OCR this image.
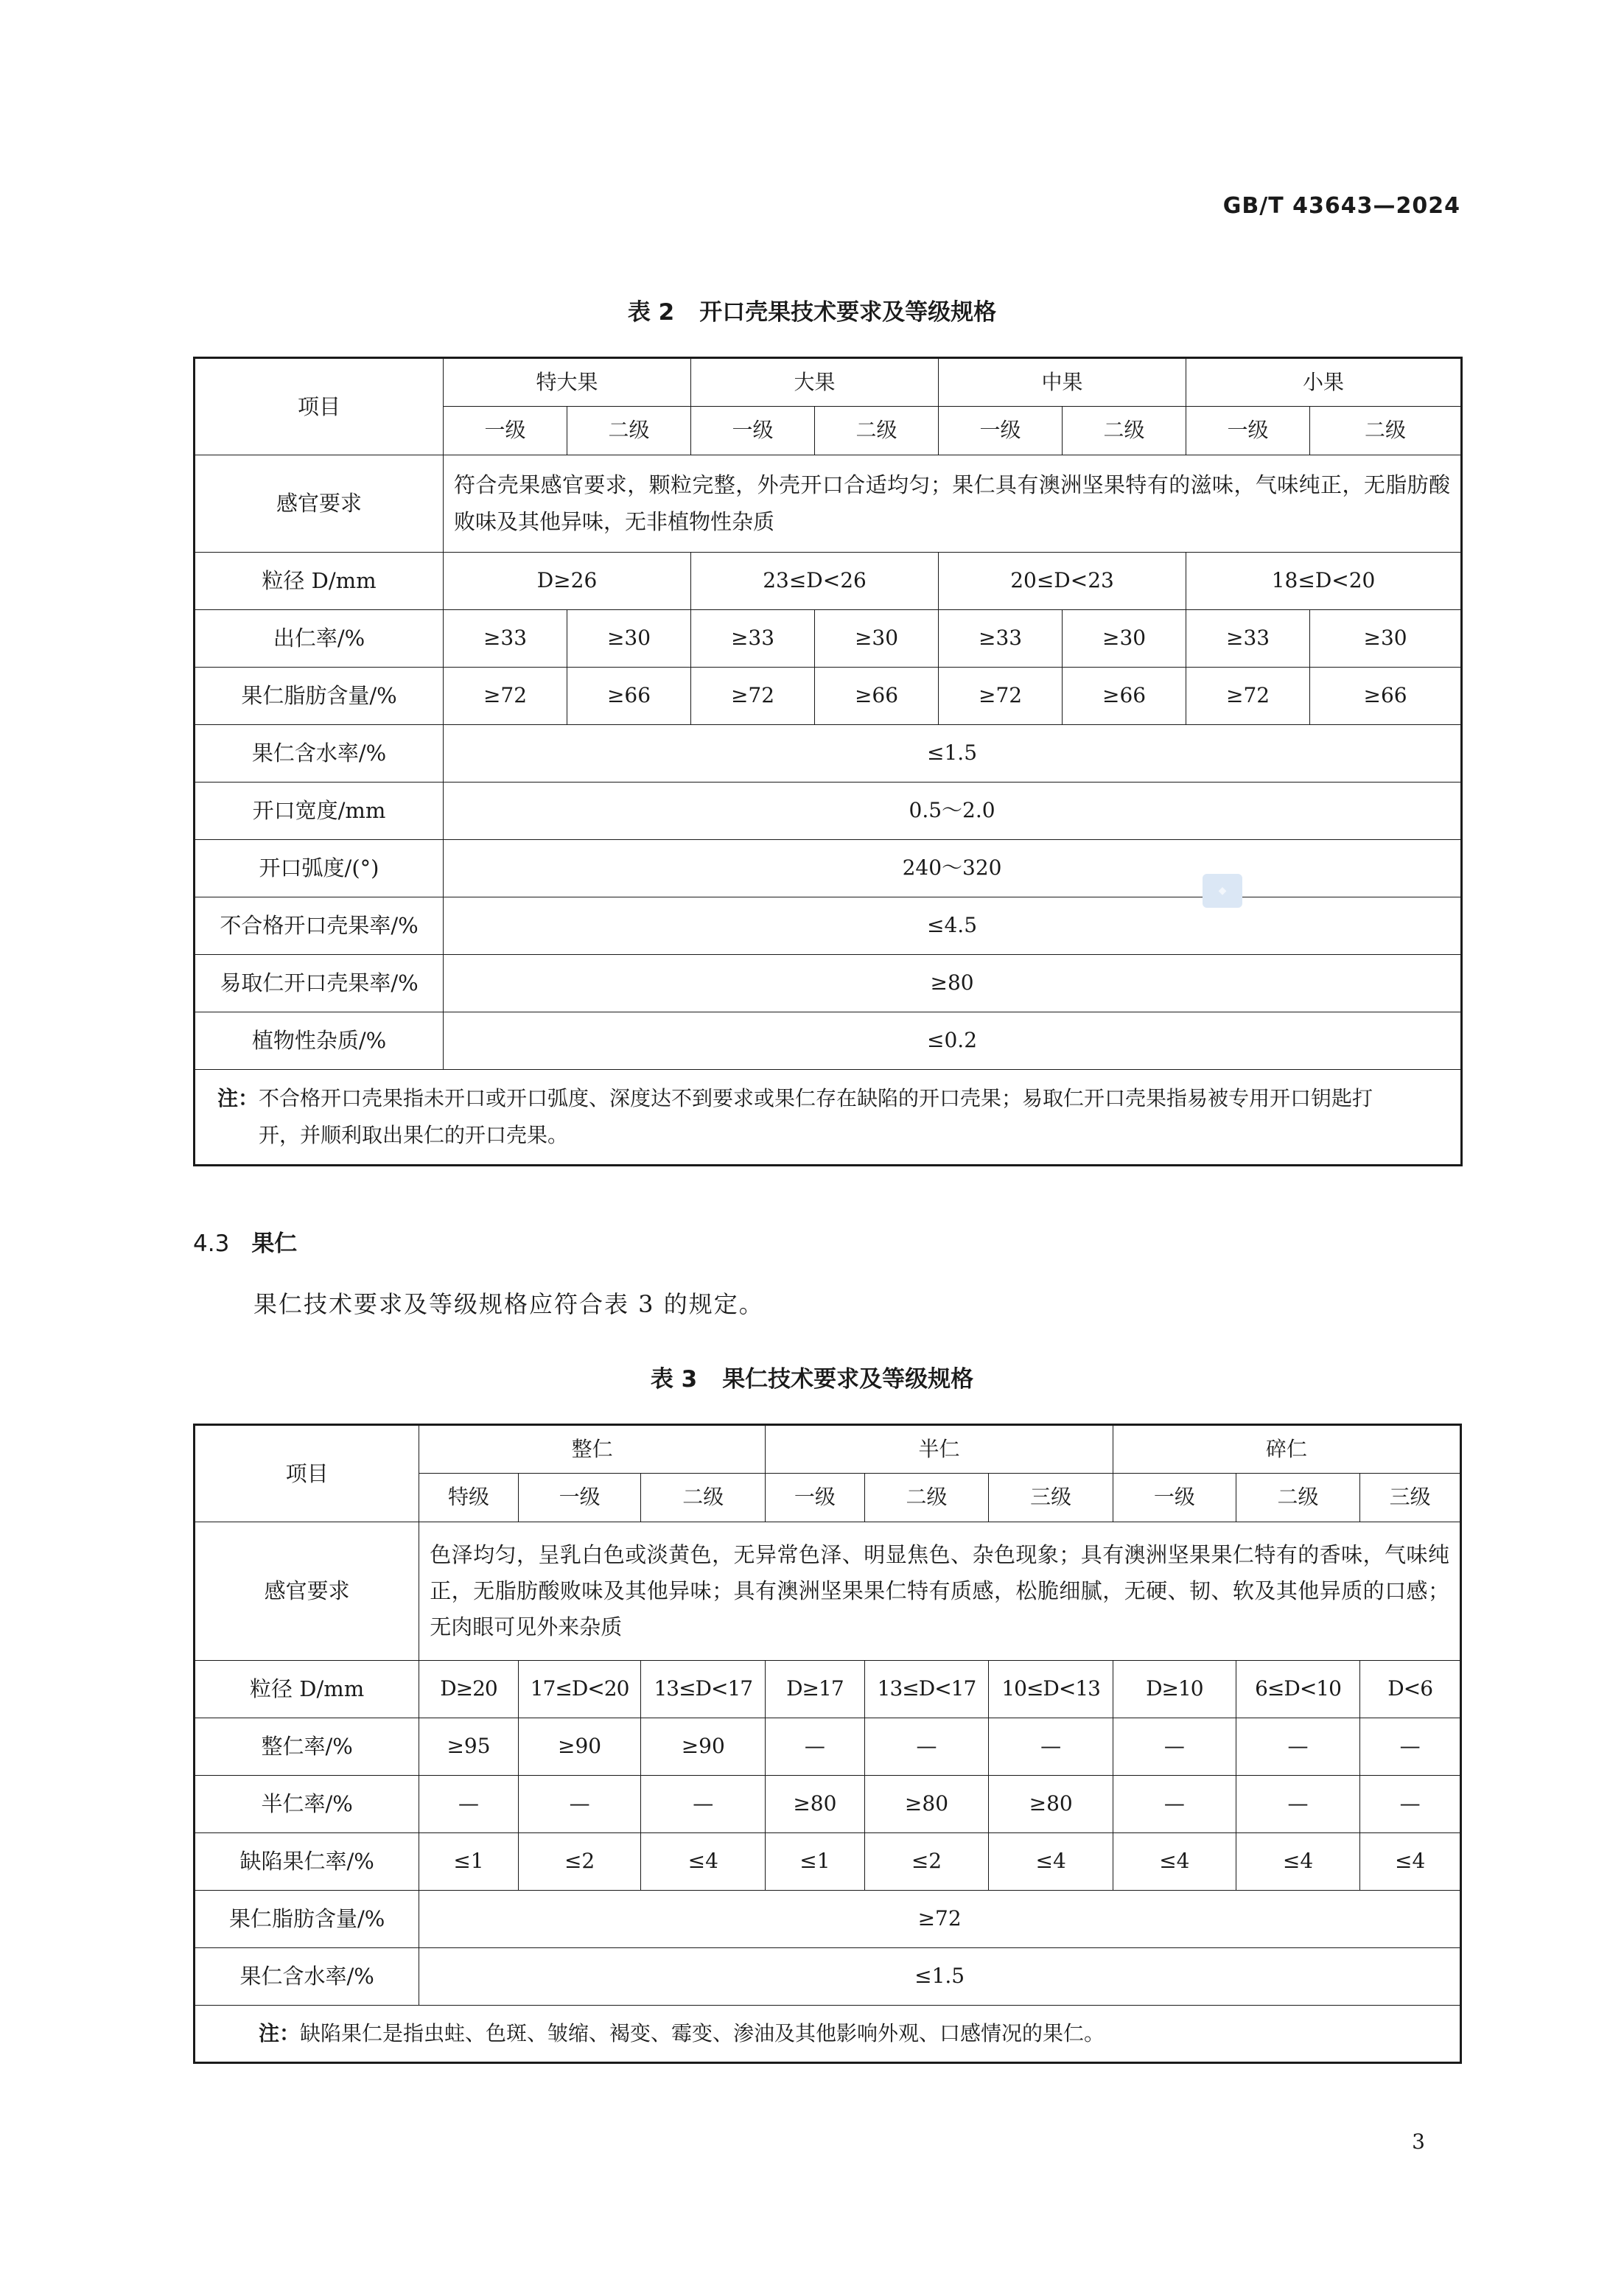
GB/T 43643—2024
表 2 开口壳果技术要求及等级规格
项目	特大果		大果		中果		小果	
	一级	二级	一级	二级	一级	二级	一级	二级
感官要求	符合壳果感官要求，颗粒完整，外壳开口合适均匀；果仁具有澳洲坚果特有的滋味，气味纯正，无脂肪酸败味及其他异味，无非植物性杂质							
粒径 D/mm	D≥26		23≤D<26		20≤D<23		18≤D<20	
出仁率/%	≥33	≥30	≥33	≥30	≥33	≥30	≥33	≥30
果仁脂肪含量/%	≥72	≥66	≥72	≥66	≥72	≥66	≥72	≥66
果仁含水率/%	≤1.5							
开口宽度/mm	0.5～2.0							
开口弧度/(°)	240～320							
不合格开口壳果率/%	≤4.5							
易取仁开口壳果率/%	≥80							
植物性杂质/%	≤0.2							
注：不合格开口壳果指未开口或开口弧度、深度达不到要求或果仁存在缺陷的开口壳果；易取仁开口壳果指易被专用开口钥匙打开，并顺利取出果仁的开口壳果。								
◆
4.3 果仁
果仁技术要求及等级规格应符合表 3 的规定。
表 3 果仁技术要求及等级规格
项目	整仁			半仁			碎仁		
	特级	一级	二级	一级	二级	三级	一级	二级	三级
感官要求	色泽均匀，呈乳白色或淡黄色，无异常色泽、明显焦色、杂色现象；具有澳洲坚果果仁特有的香味，气味纯正，无脂肪酸败味及其他异味；具有澳洲坚果果仁特有质感，松脆细腻，无硬、韧、软及其他异质的口感；无肉眼可见外来杂质								
粒径 D/mm	D≥20	17≤D<20	13≤D<17	D≥17	13≤D<17	10≤D<13	D≥10	6≤D<10	D<6
整仁率/%	≥95	≥90	≥90	—	—	—	—	—	—
半仁率/%	—	—	—	≥80	≥80	≥80	—	—	—
缺陷果仁率/%	≤1	≤2	≤4	≤1	≤2	≤4	≤4	≤4	≤4
果仁脂肪含量/%	≥72								
果仁含水率/%	≤1.5								
注：缺陷果仁是指虫蛀、色斑、皱缩、褐变、霉变、渗油及其他影响外观、口感情况的果仁。									
3
